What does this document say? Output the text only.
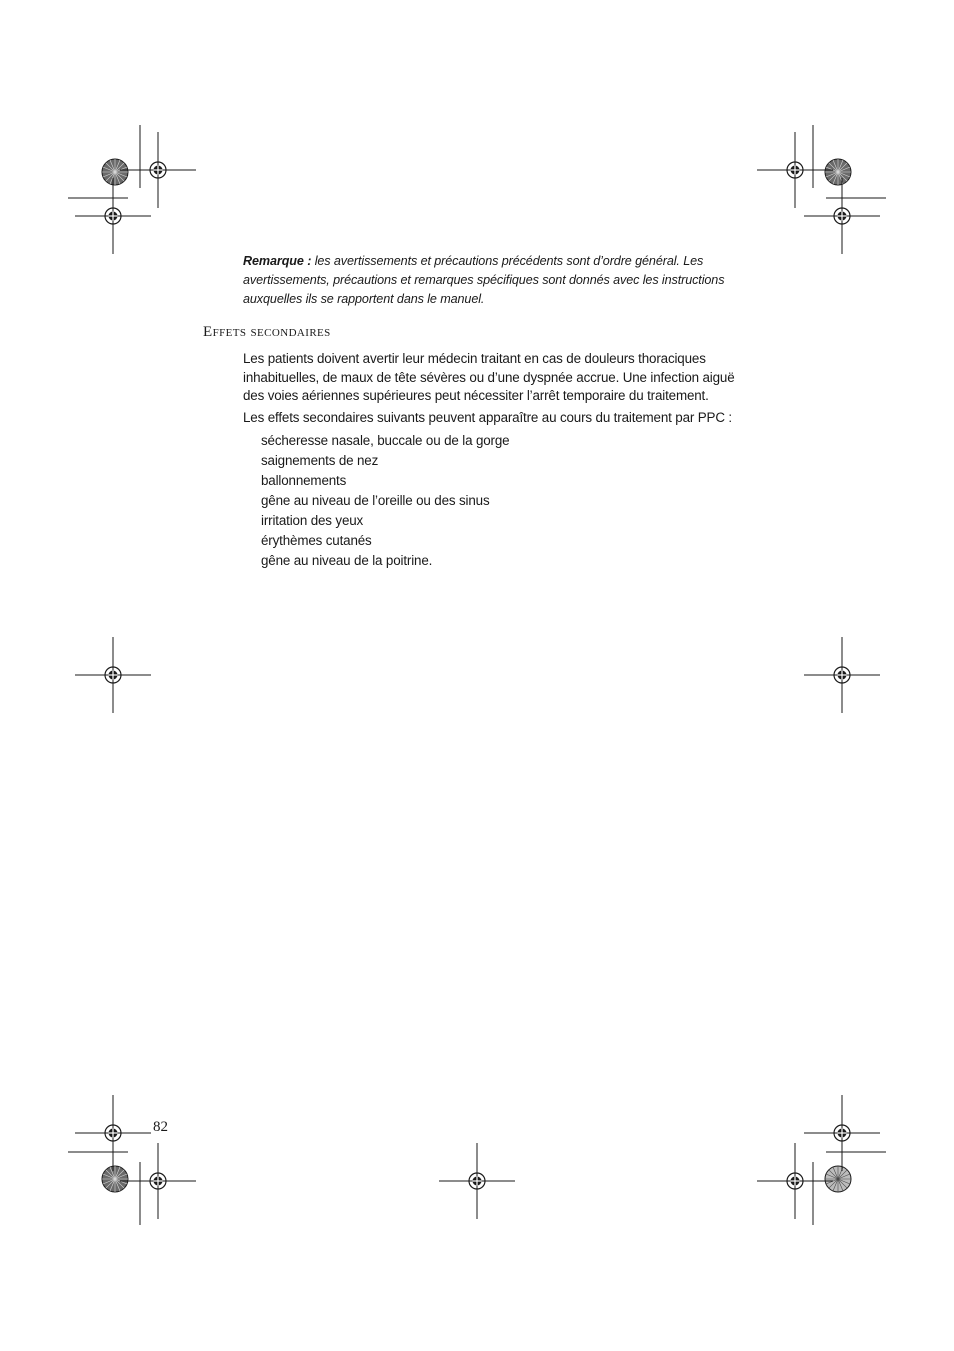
Remarque : les avertissements et précautions précédents sont d’ordre général. Les avertissements, précautions et remarques spécifiques sont donnés avec les instructions auxquelles ils se rapportent dans le manuel.
Effets secondaires

Les patients doivent avertir leur médecin traitant en cas de douleurs thoraciques inhabituelles, de maux de tête sévères ou d’une dyspnée accrue. Une infection aiguë des voies aériennes supérieures peut nécessiter l’arrêt temporaire du traitement.

Les effets secondaires suivants peuvent apparaître au cours du traitement par PPC :

sécheresse nasale, buccale ou de la gorge
saignements de nez
ballonnements
gêne au niveau de l’oreille ou des sinus
irritation des yeux
érythèmes cutanés
gêne au niveau de la poitrine.
82
